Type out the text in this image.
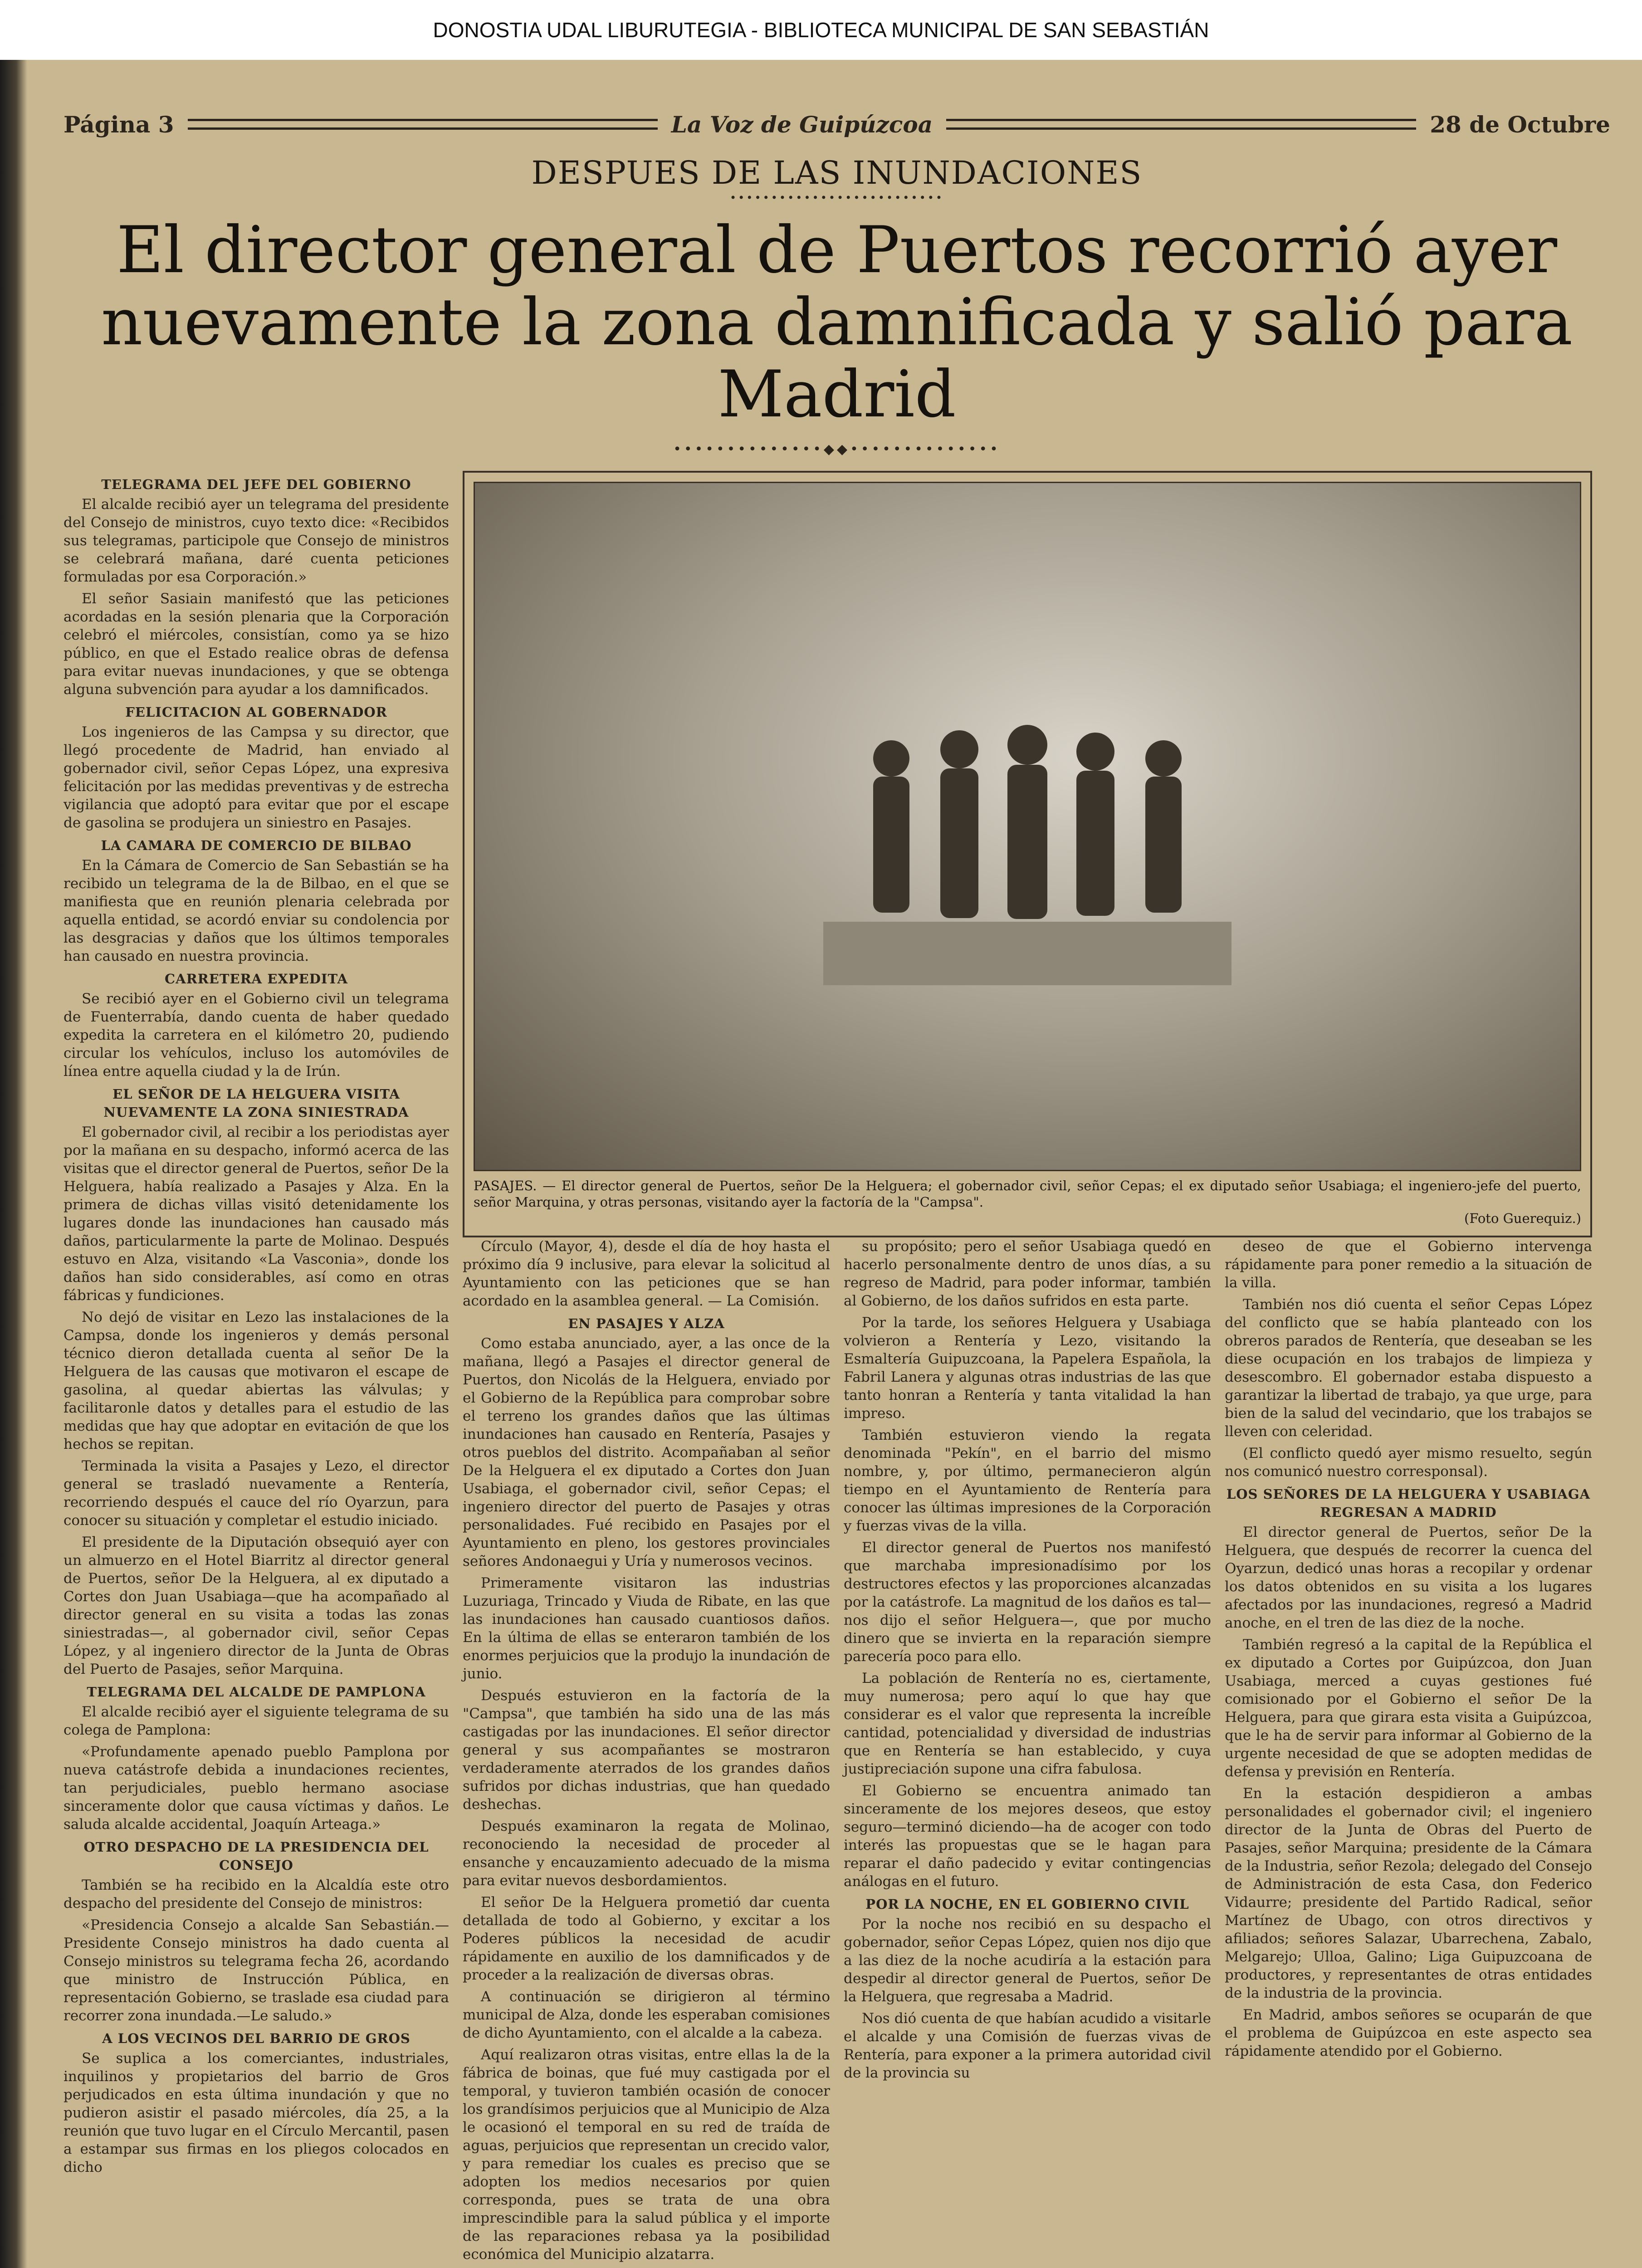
DONOSTIA UDAL LIBURUTEGIA - BIBLIOTECA MUNICIPAL DE SAN SEBASTIÁN
Página 3	La Voz de Guipúzcoa	28 de Octubre
DESPUES DE LAS INUNDACIONES
••••••••••••••••••••••••••
El director general de Puertos recorrió ayer nuevamente la zona damnificada y salió para Madrid
••••••••••••••◆◆••••••••••••••
TELEGRAMA DEL JEFE DEL GOBIERNO

El alcalde recibió ayer un telegrama del presidente del Consejo de ministros, cuyo texto dice: «Recibidos sus telegramas, participole que Consejo de ministros se celebrará mañana, daré cuenta peticiones formuladas por esa Corporación.»

El señor Sasiain manifestó que las peticiones acordadas en la sesión plenaria que la Corporación celebró el miércoles, consistían, como ya se hizo público, en que el Estado realice obras de defensa para evitar nuevas inundaciones, y que se obtenga alguna subvención para ayudar a los damnificados.

FELICITACION AL GOBERNADOR

Los ingenieros de las Campsa y su director, que llegó procedente de Madrid, han enviado al gobernador civil, señor Cepas López, una expresiva felicitación por las medidas preventivas y de estrecha vigilancia que adoptó para evitar que por el escape de gasolina se produjera un siniestro en Pasajes.

LA CAMARA DE COMERCIO DE BILBAO

En la Cámara de Comercio de San Sebastián se ha recibido un telegrama de la de Bilbao, en el que se manifiesta que en reunión plenaria celebrada por aquella entidad, se acordó enviar su condolencia por las desgracias y daños que los últimos temporales han causado en nuestra provincia.

CARRETERA EXPEDITA

Se recibió ayer en el Gobierno civil un telegrama de Fuenterrabía, dando cuenta de haber quedado expedita la carretera en el kilómetro 20, pudiendo circular los vehículos, incluso los automóviles de línea entre aquella ciudad y la de Irún.

EL SEÑOR DE LA HELGUERA VISITA NUEVAMENTE LA ZONA SINIESTRADA

El gobernador civil, al recibir a los periodistas ayer por la mañana en su despacho, informó acerca de las visitas que el director general de Puertos, señor De la Helguera, había realizado a Pasajes y Alza. En la primera de dichas villas visitó detenidamente los lugares donde las inundaciones han causado más daños, particularmente la parte de Molinao. Después estuvo en Alza, visitando «La Vasconia», donde los daños han sido considerables, así como en otras fábricas y fundiciones.

No dejó de visitar en Lezo las instalaciones de la Campsa, donde los ingenieros y demás personal técnico dieron detallada cuenta al señor De la Helguera de las causas que motivaron el escape de gasolina, al quedar abiertas las válvulas; y facilitaronle datos y detalles para el estudio de las medidas que hay que adoptar en evitación de que los hechos se repitan.

Terminada la visita a Pasajes y Lezo, el director general se trasladó nuevamente a Rentería, recorriendo después el cauce del río Oyarzun, para conocer su situación y completar el estudio iniciado.

El presidente de la Diputación obsequió ayer con un almuerzo en el Hotel Biarritz al director general de Puertos, señor De la Helguera, al ex diputado a Cortes don Juan Usabiaga—que ha acompañado al director general en su visita a todas las zonas siniestradas—, al gobernador civil, señor Cepas López, y al ingeniero director de la Junta de Obras del Puerto de Pasajes, señor Marquina.

TELEGRAMA DEL ALCALDE DE PAMPLONA

El alcalde recibió ayer el siguiente telegrama de su colega de Pamplona:

«Profundamente apenado pueblo Pamplona por nueva catástrofe debida a inundaciones recientes, tan perjudiciales, pueblo hermano asociase sinceramente dolor que causa víctimas y daños. Le saluda alcalde accidental, Joaquín Arteaga.»

OTRO DESPACHO DE LA PRESIDENCIA DEL CONSEJO

También se ha recibido en la Alcaldía este otro despacho del presidente del Consejo de ministros:

«Presidencia Consejo a alcalde San Sebastián.— Presidente Consejo ministros ha dado cuenta al Consejo ministros su telegrama fecha 26, acordando que ministro de Instrucción Pública, en representación Gobierno, se traslade esa ciudad para recorrer zona inundada.—Le saludo.»

A LOS VECINOS DEL BARRIO DE GROS

Se suplica a los comerciantes, industriales, inquilinos y propietarios del barrio de Gros perjudicados en esta última inundación y que no pudieron asistir el pasado miércoles, día 25, a la reunión que tuvo lugar en el Círculo Mercantil, pasen a estampar sus firmas en los pliegos colocados en dicho

PASAJES. — El director general de Puertos, señor De la Helguera; el gobernador civil, señor Cepas; el ex diputado señor Usabiaga; el ingeniero-jefe del puerto, señor Marquina, y otras personas, visitando ayer la factoría de la "Campsa".
(Foto Guerequiz.)

Círculo (Mayor, 4), desde el día de hoy hasta el próximo día 9 inclusive, para elevar la solicitud al Ayuntamiento con las peticiones que se han acordado en la asamblea general. — La Comisión.

EN PASAJES Y ALZA

Como estaba anunciado, ayer, a las once de la mañana, llegó a Pasajes el director general de Puertos, don Nicolás de la Helguera, enviado por el Gobierno de la República para comprobar sobre el terreno los grandes daños que las últimas inundaciones han causado en Rentería, Pasajes y otros pueblos del distrito. Acompañaban al señor De la Helguera el ex diputado a Cortes don Juan Usabiaga, el gobernador civil, señor Cepas; el ingeniero director del puerto de Pasajes y otras personalidades. Fué recibido en Pasajes por el Ayuntamiento en pleno, los gestores provinciales señores Andonaegui y Uría y numerosos vecinos.

Primeramente visitaron las industrias Luzuriaga, Trincado y Viuda de Ribate, en las que las inundaciones han causado cuantiosos daños. En la última de ellas se enteraron también de los enormes perjuicios que la produjo la inundación de junio.

Después estuvieron en la factoría de la "Campsa", que también ha sido una de las más castigadas por las inundaciones. El señor director general y sus acompañantes se mostraron verdaderamente aterrados de los grandes daños sufridos por dichas industrias, que han quedado deshechas.

Después examinaron la regata de Molinao, reconociendo la necesidad de proceder al ensanche y encauzamiento adecuado de la misma para evitar nuevos desbordamientos.

El señor De la Helguera prometió dar cuenta detallada de todo al Gobierno, y excitar a los Poderes públicos la necesidad de acudir rápidamente en auxilio de los damnificados y de proceder a la realización de diversas obras.

A continuación se dirigieron al término municipal de Alza, donde les esperaban comisiones de dicho Ayuntamiento, con el alcalde a la cabeza.

Aquí realizaron otras visitas, entre ellas la de la fábrica de boinas, que fué muy castigada por el temporal, y tuvieron también ocasión de conocer los grandísimos perjuicios que al Municipio de Alza le ocasionó el temporal en su red de traída de aguas, perjuicios que representan un crecido valor, y para remediar los cuales es preciso que se adopten los medios necesarios por quien corresponda, pues se trata de una obra imprescindible para la salud pública y el importe de las reparaciones rebasa ya la posibilidad económica del Municipio alzatarra.

su propósito; pero el señor Usabiaga quedó en hacerlo personalmente dentro de unos días, a su regreso de Madrid, para poder informar, también al Gobierno, de los daños sufridos en esta parte.

Por la tarde, los señores Helguera y Usabiaga volvieron a Rentería y Lezo, visitando la Esmaltería Guipuzcoana, la Papelera Española, la Fabril Lanera y algunas otras industrias de las que tanto honran a Rentería y tanta vitalidad la han impreso.

También estuvieron viendo la regata denominada "Pekín", en el barrio del mismo nombre, y, por último, permanecieron algún tiempo en el Ayuntamiento de Rentería para conocer las últimas impresiones de la Corporación y fuerzas vivas de la villa.

El director general de Puertos nos manifestó que marchaba impresionadísimo por los destructores efectos y las proporciones alcanzadas por la catástrofe. La magnitud de los daños es tal—nos dijo el señor Helguera—, que por mucho dinero que se invierta en la reparación siempre parecería poco para ello.

La población de Rentería no es, ciertamente, muy numerosa; pero aquí lo que hay que considerar es el valor que representa la increíble cantidad, potencialidad y diversidad de industrias que en Rentería se han establecido, y cuya justipreciación supone una cifra fabulosa.

El Gobierno se encuentra animado tan sinceramente de los mejores deseos, que estoy seguro—terminó diciendo—ha de acoger con todo interés las propuestas que se le hagan para reparar el daño padecido y evitar contingencias análogas en el futuro.

POR LA NOCHE, EN EL GOBIERNO CIVIL

Por la noche nos recibió en su despacho el gobernador, señor Cepas López, quien nos dijo que a las diez de la noche acudiría a la estación para despedir al director general de Puertos, señor De la Helguera, que regresaba a Madrid.

Nos dió cuenta de que habían acudido a visitarle el alcalde y una Comisión de fuerzas vivas de Rentería, para exponer a la primera autoridad civil de la provincia su

deseo de que el Gobierno intervenga rápidamente para poner remedio a la situación de la villa.

También nos dió cuenta el señor Cepas López del conflicto que se había planteado con los obreros parados de Rentería, que deseaban se les diese ocupación en los trabajos de limpieza y desescombro. El gobernador estaba dispuesto a garantizar la libertad de trabajo, ya que urge, para bien de la salud del vecindario, que los trabajos se lleven con celeridad.

(El conflicto quedó ayer mismo resuelto, según nos comunicó nuestro corresponsal).

LOS SEÑORES DE LA HELGUERA Y USABIAGA REGRESAN A MADRID

El director general de Puertos, señor De la Helguera, que después de recorrer la cuenca del Oyarzun, dedicó unas horas a recopilar y ordenar los datos obtenidos en su visita a los lugares afectados por las inundaciones, regresó a Madrid anoche, en el tren de las diez de la noche.

También regresó a la capital de la República el ex diputado a Cortes por Guipúzcoa, don Juan Usabiaga, merced a cuyas gestiones fué comisionado por el Gobierno el señor De la Helguera, para que girara esta visita a Guipúzcoa, que le ha de servir para informar al Gobierno de la urgente necesidad de que se adopten medidas de defensa y previsión en Rentería.

En la estación despidieron a ambas personalidades el gobernador civil; el ingeniero director de la Junta de Obras del Puerto de Pasajes, señor Marquina; presidente de la Cámara de la Industria, señor Rezola; delegado del Consejo de Administración de esta Casa, don Federico Vidaurre; presidente del Partido Radical, señor Martínez de Ubago, con otros directivos y afiliados; señores Salazar, Ubarrechena, Zabalo, Melgarejo; Ulloa, Galino; Liga Guipuzcoana de productores, y representantes de otras entidades de la industria de la provincia.

En Madrid, ambos señores se ocuparán de que el problema de Guipúzcoa en este aspecto sea rápidamente atendido por el Gobierno.
